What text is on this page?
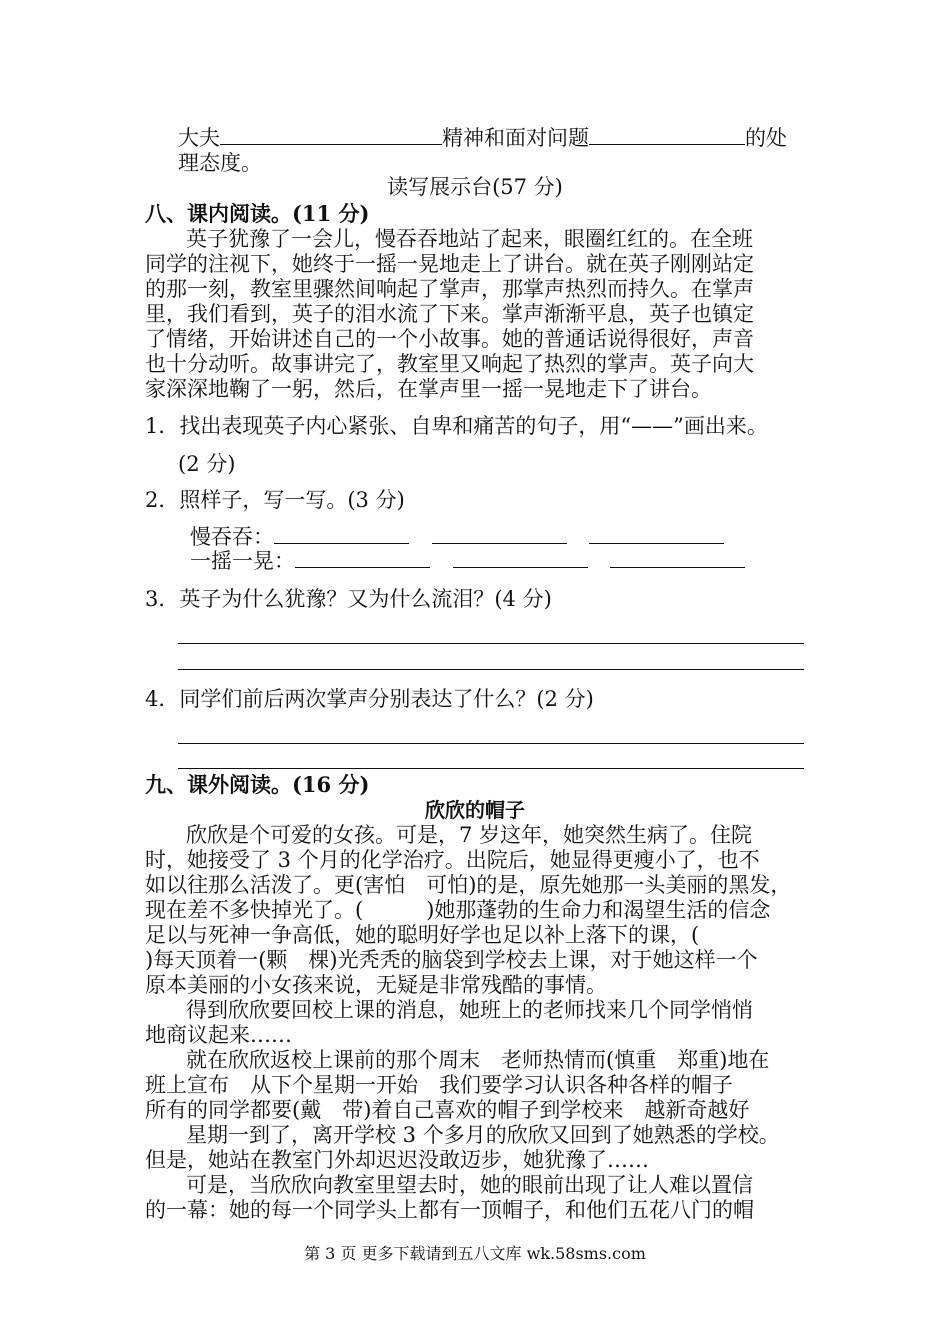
大夫	精神和面对问题	的处
理态度。
读写展示台(57 分)
八、课内阅读。(11 分)
英子犹豫了一会儿，慢吞吞地站了起来，眼圈红红的。在全班
同学的注视下，她终于一摇一晃地走上了讲台。就在英子刚刚站定
的那一刻，教室里骤然间响起了掌声，那掌声热烈而持久。在掌声
里，我们看到，英子的泪水流了下来。掌声渐渐平息，英子也镇定
了情绪，开始讲述自己的一个小故事。她的普通话说得很好，声音
也十分动听。故事讲完了，教室里又响起了热烈的掌声。英子向大
家深深地鞠了一躬，然后，在掌声里一摇一晃地走下了讲台。
1．找出表现英子内心紧张、自卑和痛苦的句子，用“——”画出来。
(2 分)
2．照样子，写一写。(3 分)
慢吞吞：
一摇一晃：
3．英子为什么犹豫？又为什么流泪？(4 分)
4．同学们前后两次掌声分别表达了什么？(2 分)
九、课外阅读。(16 分)
欣欣的帽子
欣欣是个可爱的女孩。可是，7 岁这年，她突然生病了。住院
时，她接受了 3 个月的化学治疗。出院后，她显得更瘦小了，也不
如以往那么活泼了。更(害怕　可怕)的是，原先她那一头美丽的黑发，
现在差不多快掉光了。(　　　)她那蓬勃的生命力和渴望生活的信念
足以与死神一争高低，她的聪明好学也足以补上落下的课，(
)每天顶着一(颗　棵)光秃秃的脑袋到学校去上课，对于她这样一个
原本美丽的小女孩来说，无疑是非常残酷的事情。
得到欣欣要回校上课的消息，她班上的老师找来几个同学悄悄
地商议起来……
就在欣欣返校上课前的那个周末　老师热情而(慎重　郑重)地在
班上宣布　从下个星期一开始　我们要学习认识各种各样的帽子
所有的同学都要(戴　带)着自己喜欢的帽子到学校来　越新奇越好
星期一到了，离开学校 3 个多月的欣欣又回到了她熟悉的学校。
但是，她站在教室门外却迟迟没敢迈步，她犹豫了……
可是，当欣欣向教室里望去时，她的眼前出现了让人难以置信
的一幕：她的每一个同学头上都有一顶帽子，和他们五花八门的帽
第 3 页 更多下载请到五八文库 wk.58sms.com
